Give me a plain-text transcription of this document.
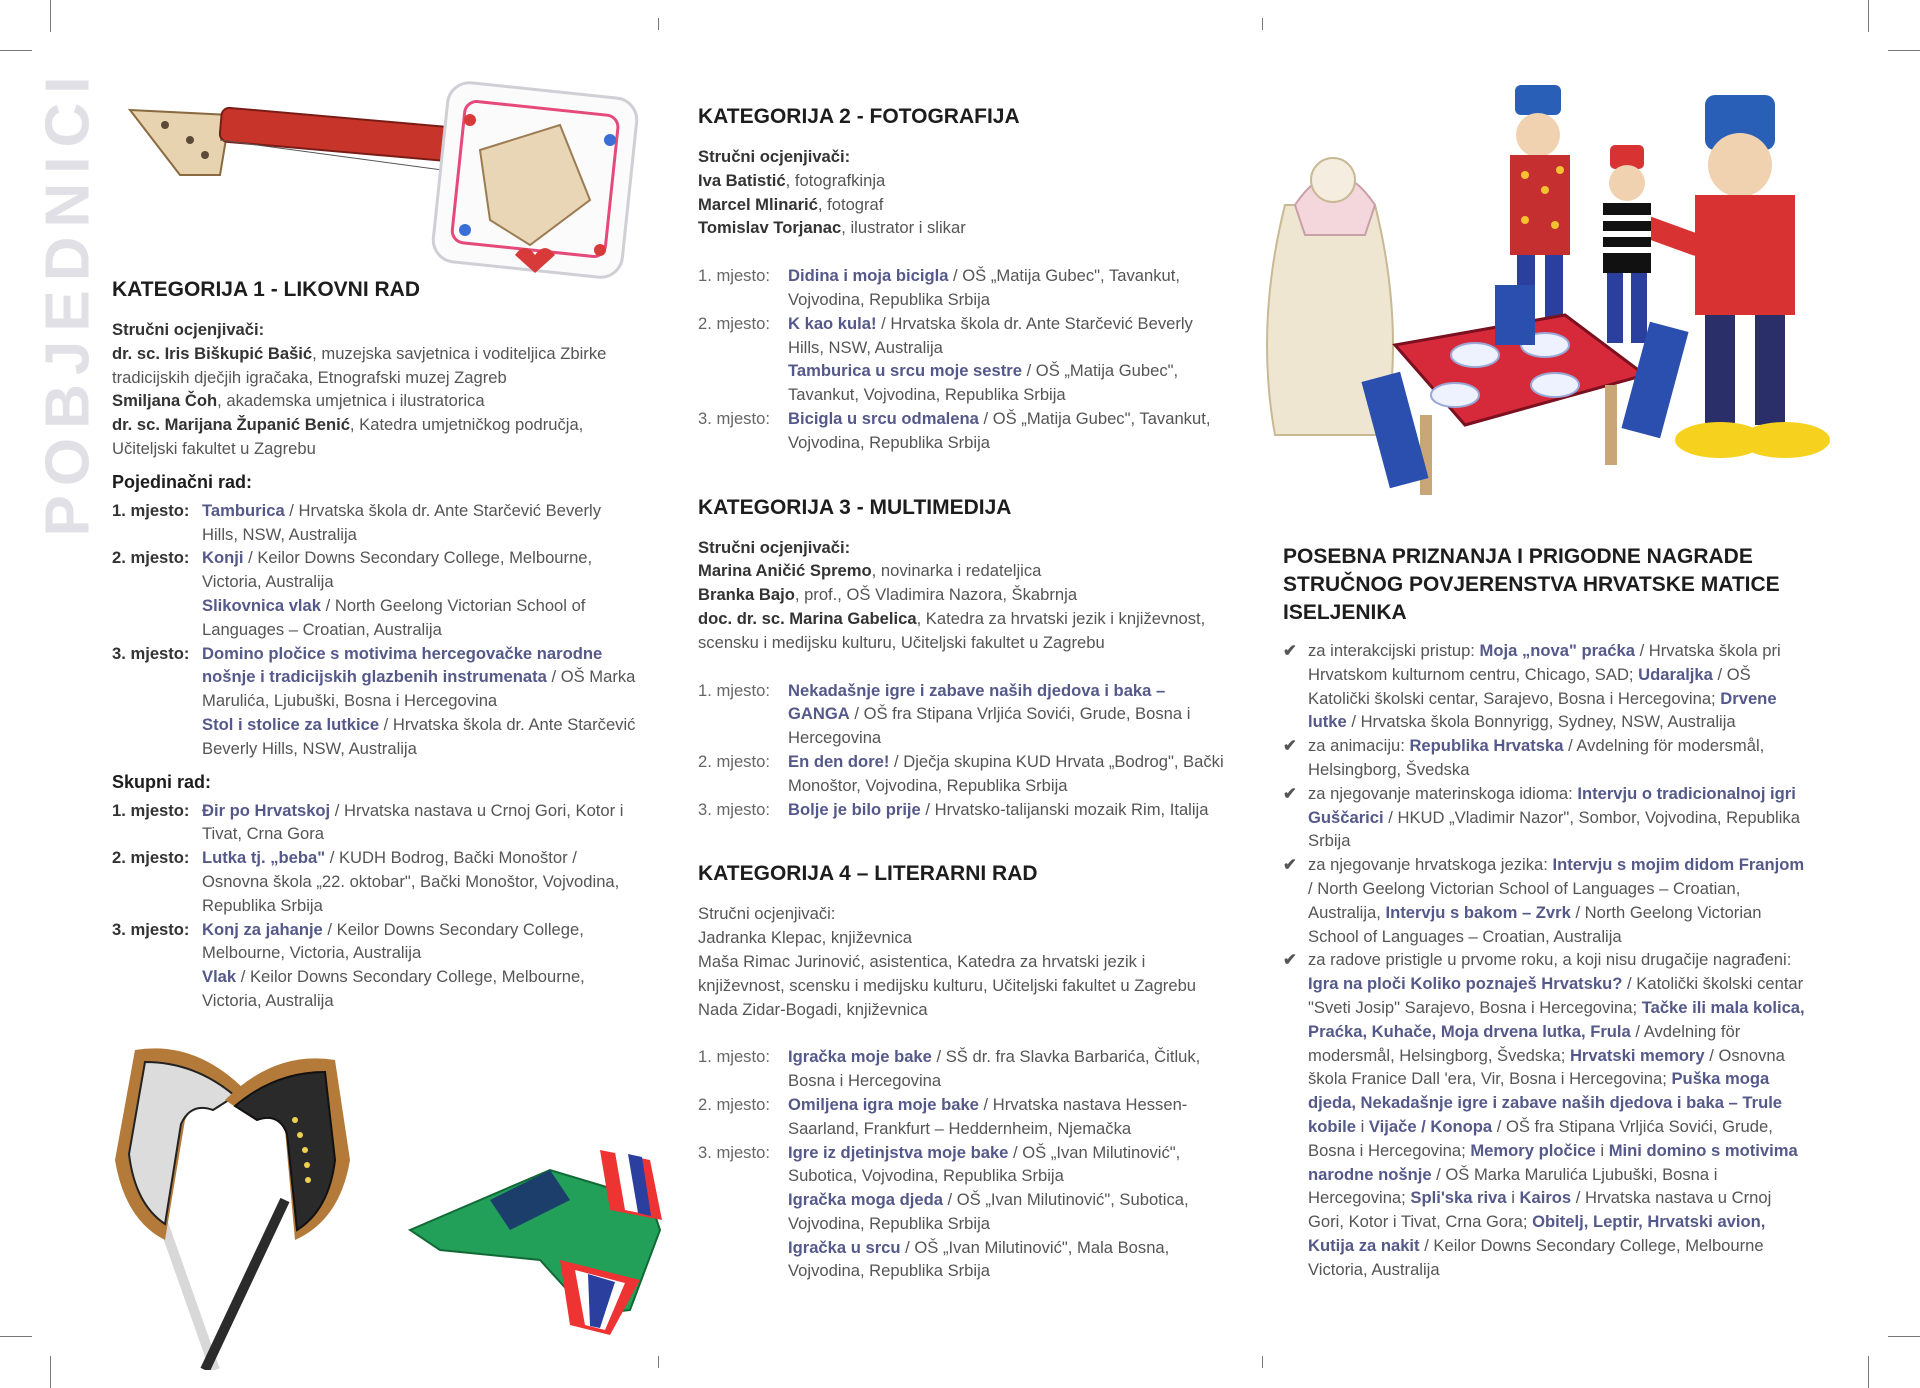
POBJEDNICI KATEGORIJA 1 - LIKOVNI RAD

Stručni ocjenjivači:

dr. sc. Iris Biškupić Bašić, muzejska savjetnica i voditeljica Zbirke tradicijskih dječjih igračaka, Etnografski muzej Zagreb

Smiljana Čoh, akademska umjetnica i ilustratorica

dr. sc. Marijana Županić Benić, Katedra umjetničkog područja, Učiteljski fakultet u Zagrebu

Pojedinačni rad:
1. mjesto: Tamburica / Hrvatska škola dr. Ante Starčević Beverly Hills, NSW, Australija

2. mjesto: Konji / Keilor Downs Secondary College, Melbourne, Victoria, Australija

Slikovnica vlak / North Geelong Victorian School of Languages – Croatian, Australija

3. mjesto: Domino pločice s motivima hercegovačke narodne nošnje i tradicijskih glazbenih instrumenata / OŠ Marka Marulića, Ljubuški, Bosna i Hercegovina

Stol i stolice za lutkice / Hrvatska škola dr. Ante Starčević Beverly Hills, NSW, Australija

Skupni rad:
1. mjesto: Đir po Hrvatskoj / Hrvatska nastava u Crnoj Gori, Kotor i Tivat, Crna Gora

2. mjesto: Lutka tj. „beba" / KUDH Bodrog, Bački Monoštor / Osnovna škola „22. oktobar", Bački Monoštor, Vojvodina, Republika Srbija

3. mjesto: Konj za jahanje / Keilor Downs Secondary College, Melbourne, Victoria, Australija

Vlak / Keilor Downs Secondary College, Melbourne, Victoria, Australija

KATEGORIJA 2 - FOTOGRAFIJA

Stručni ocjenjivači:

Iva Batistić, fotografkinja

Marcel Mlinarić, fotograf

Tomislav Torjanac, ilustrator i slikar

1. mjesto:	Didina i moja bicigla / OŠ „Matija Gubec", Tavankut, Vojvodina, Republika Srbija

2. mjesto:	K kao kula! / Hrvatska škola dr. Ante Starčević Beverly Hills, NSW, Australija

Tamburica u srcu moje sestre / OŠ „Matija Gubec", Tavankut, Vojvodina, Republika Srbija

3. mjesto:	Bicigla u srcu odmalena / OŠ „Matija Gubec", Tavankut, Vojvodina, Republika Srbija

KATEGORIJA 3 - MULTIMEDIJA

Stručni ocjenjivači:

Marina Aničić Spremo, novinarka i redateljica

Branka Bajo, prof., OŠ Vladimira Nazora, Škabrnja

doc. dr. sc. Marina Gabelica, Katedra za hrvatski jezik i književnost, scensku i medijsku kulturu, Učiteljski fakultet u Zagrebu

1. mjesto:	Nekadašnje igre i zabave naših djedova i baka – GANGA / OŠ fra Stipana Vrljića Sovići, Grude, Bosna i Hercegovina

2. mjesto:	En den dore! / Dječja skupina KUD Hrvata „Bodrog", Bački Monoštor, Vojvodina, Republika Srbija

3. mjesto:	Bolje je bilo prije / Hrvatsko-talijanski mozaik Rim, Italija

KATEGORIJA 4 – LITERARNI RAD

Stručni ocjenjivači:

Jadranka Klepac, književnica

Maša Rimac Jurinović, asistentica, Katedra za hrvatski jezik i književnost, scensku i medijsku kulturu, Učiteljski fakultet u Zagrebu

Nada Zidar-Bogadi, književnica

1. mjesto:	Igračka moje bake / SŠ dr. fra Slavka Barbarića, Čitluk, Bosna i Hercegovina

2. mjesto:	Omiljena igra moje bake / Hrvatska nastava Hessen-Saarland, Frankfurt – Heddernheim, Njemačka

3. mjesto:	Igre iz djetinjstva moje bake / OŠ „Ivan Milutinović", Subotica, Vojvodina, Republika Srbija

Igračka moga djeda / OŠ „Ivan Milutinović", Subotica, Vojvodina, Republika Srbija

Igračka u srcu / OŠ „Ivan Milutinović", Mala Bosna, Vojvodina, Republika Srbija

POSEBNA PRIZNANJA I PRIGODNE NAGRADE STRUČNOG POVJERENSTVA HRVATSKE MATICE ISELJENIKA
✔ za interakcijski pristup: Moja „nova" praćka / Hrvatska škola pri Hrvatskom kulturnom centru, Chicago, SAD; Udaraljka / OŠ Katolički školski centar, Sarajevo, Bosna i Hercegovina; Drvene lutke / Hrvatska škola Bonnyrigg, Sydney, NSW, Australija
✔ za animaciju: Republika Hrvatska / Avdelning för modersmål, Helsingborg, Švedska
✔ za njegovanje materinskoga idioma: Intervju o tradicionalnoj igri Guščarici / HKUD „Vladimir Nazor", Sombor, Vojvodina, Republika Srbija
✔ za njegovanje hrvatskoga jezika: Intervju s mojim didom Franjom / North Geelong Victorian School of Languages – Croatian, Australija, Intervju s bakom – Zvrk / North Geelong Victorian School of Languages – Croatian, Australija
✔ za radove pristigle u prvome roku, a koji nisu drugačije nagrađeni: Igra na ploči Koliko poznaješ Hrvatsku? / Katolički školski centar "Sveti Josip" Sarajevo, Bosna i Hercegovina; Tačke ili mala kolica, Praćka, Kuhače, Moja drvena lutka, Frula / Avdelning för modersmål, Helsingborg, Švedska; Hrvatski memory / Osnovna škola Franice Dall 'era, Vir, Bosna i Hercegovina; Puška moga djeda, Nekadašnje igre i zabave naših djedova i baka – Trule kobile i Vijače / Konopa / OŠ fra Stipana Vrljića Sovići, Grude, Bosna i Hercegovina; Memory pločice i Mini domino s motivima narodne nošnje / OŠ Marka Marulića Ljubuški, Bosna i Hercegovina; Spli'ska riva i Kairos / Hrvatska nastava u Crnoj Gori, Kotor i Tivat, Crna Gora; Obitelj, Leptir, Hrvatski avion, Kutija za nakit / Keilor Downs Secondary College, Melbourne Victoria, Australija
